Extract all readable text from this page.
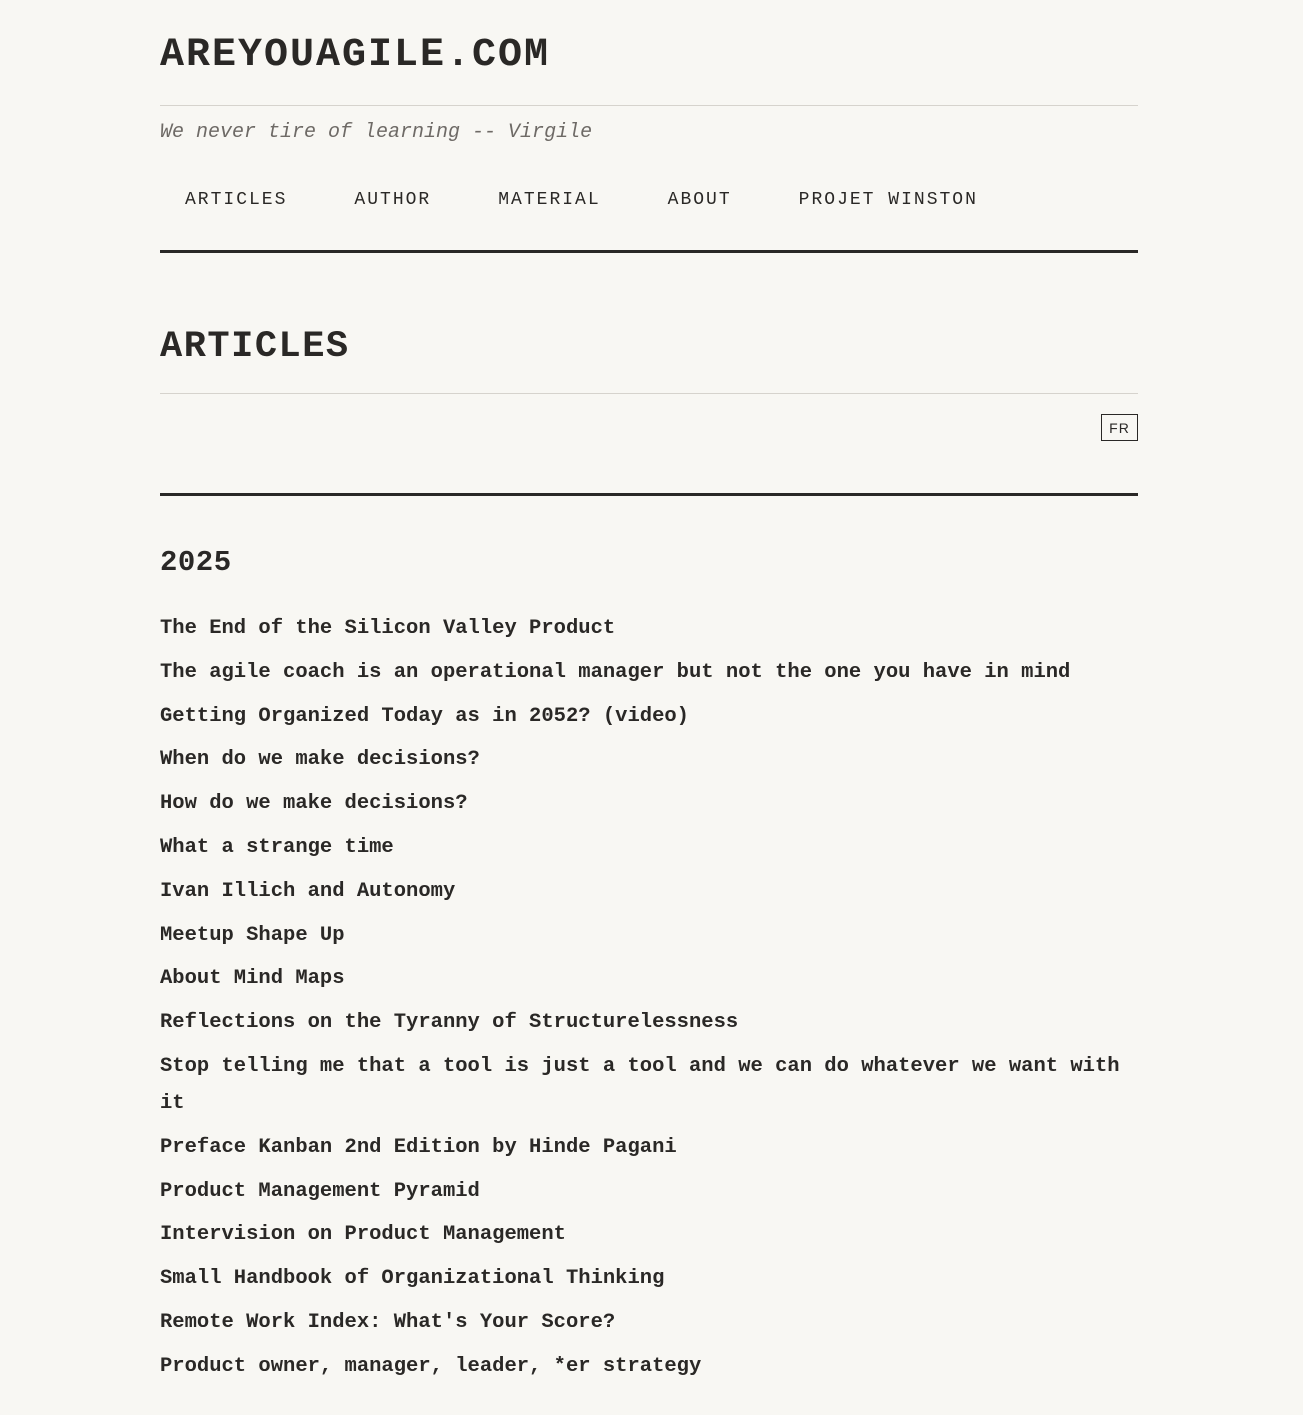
AREYOUAGILE.COM
We never tire of learning -- Virgile
ARTICLES	AUTHOR	MATERIAL	ABOUT	PROJET WINSTON
ARTICLES
FR
2025
The End of the Silicon Valley Product
The agile coach is an operational manager but not the one you have in mind
Getting Organized Today as in 2052? (video)
When do we make decisions?
How do we make decisions?
What a strange time
Ivan Illich and Autonomy
Meetup Shape Up
About Mind Maps
Reflections on the Tyranny of Structurelessness
Stop telling me that a tool is just a tool and we can do whatever we want with it
Preface Kanban 2nd Edition by Hinde Pagani
Product Management Pyramid
Intervision on Product Management
Small Handbook of Organizational Thinking
Remote Work Index: What's Your Score?
Product owner, manager, leader, *er strategy
